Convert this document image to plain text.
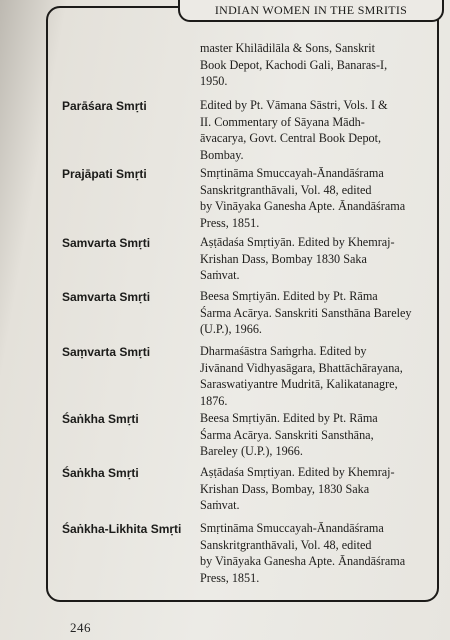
INDIAN WOMEN IN THE SMRITIS
master Khilādilāla & Sons, Sanskrit
Book Depot, Kachodi Gali, Banaras-I,
1950.
Parāśara Smṛti	Edited by Pt. Vāmana Sāstri, Vols. I &
II. Commentary of Sāyana Mādh-
āvacarya, Govt. Central Book Depot,
Bombay.
Prajāpati Smṛti	Smṛtināma Smuccayah-Ānandāśrama
Sanskritgranthāvali, Vol. 48, edited
by Vināyaka Ganesha Apte. Ānandāśrama
Press, 1851.
Samvarta Smṛti	Aṣṭādaśa Smṛtiyān. Edited by Khemraj-
Krishan Dass, Bombay 1830 Saka
Saṁvat.
Samvarta Smṛti	Beesa Smṛtiyān. Edited by Pt. Rāma
Śarma Acārya. Sanskriti Sansthāna Bareley
(U.P.), 1966.
Saṃvarta Smṛti	Dharmaśāstra Saṁgrha. Edited by
Jivānand Vidhyasāgara, Bhattāchārayana,
Saraswatiyantre Mudritā, Kalikatanagre,
1876.
Śaṅkha Smṛti	Beesa Smṛtiyān. Edited by Pt. Rāma
Śarma Acārya. Sanskriti Sansthāna,
Bareley (U.P.), 1966.
Śaṅkha Smṛti	Aṣṭādaśa Smṛtiyan. Edited by Khemraj-
Krishan Dass, Bombay, 1830 Saka
Saṁvat.
Śaṅkha-Likhita Smṛti	Smṛtināma Smuccayah-Ānandāśrama
Sanskritgranthāvali, Vol. 48, edited
by Vināyaka Ganesha Apte. Ānandāśrama
Press, 1851.
246
